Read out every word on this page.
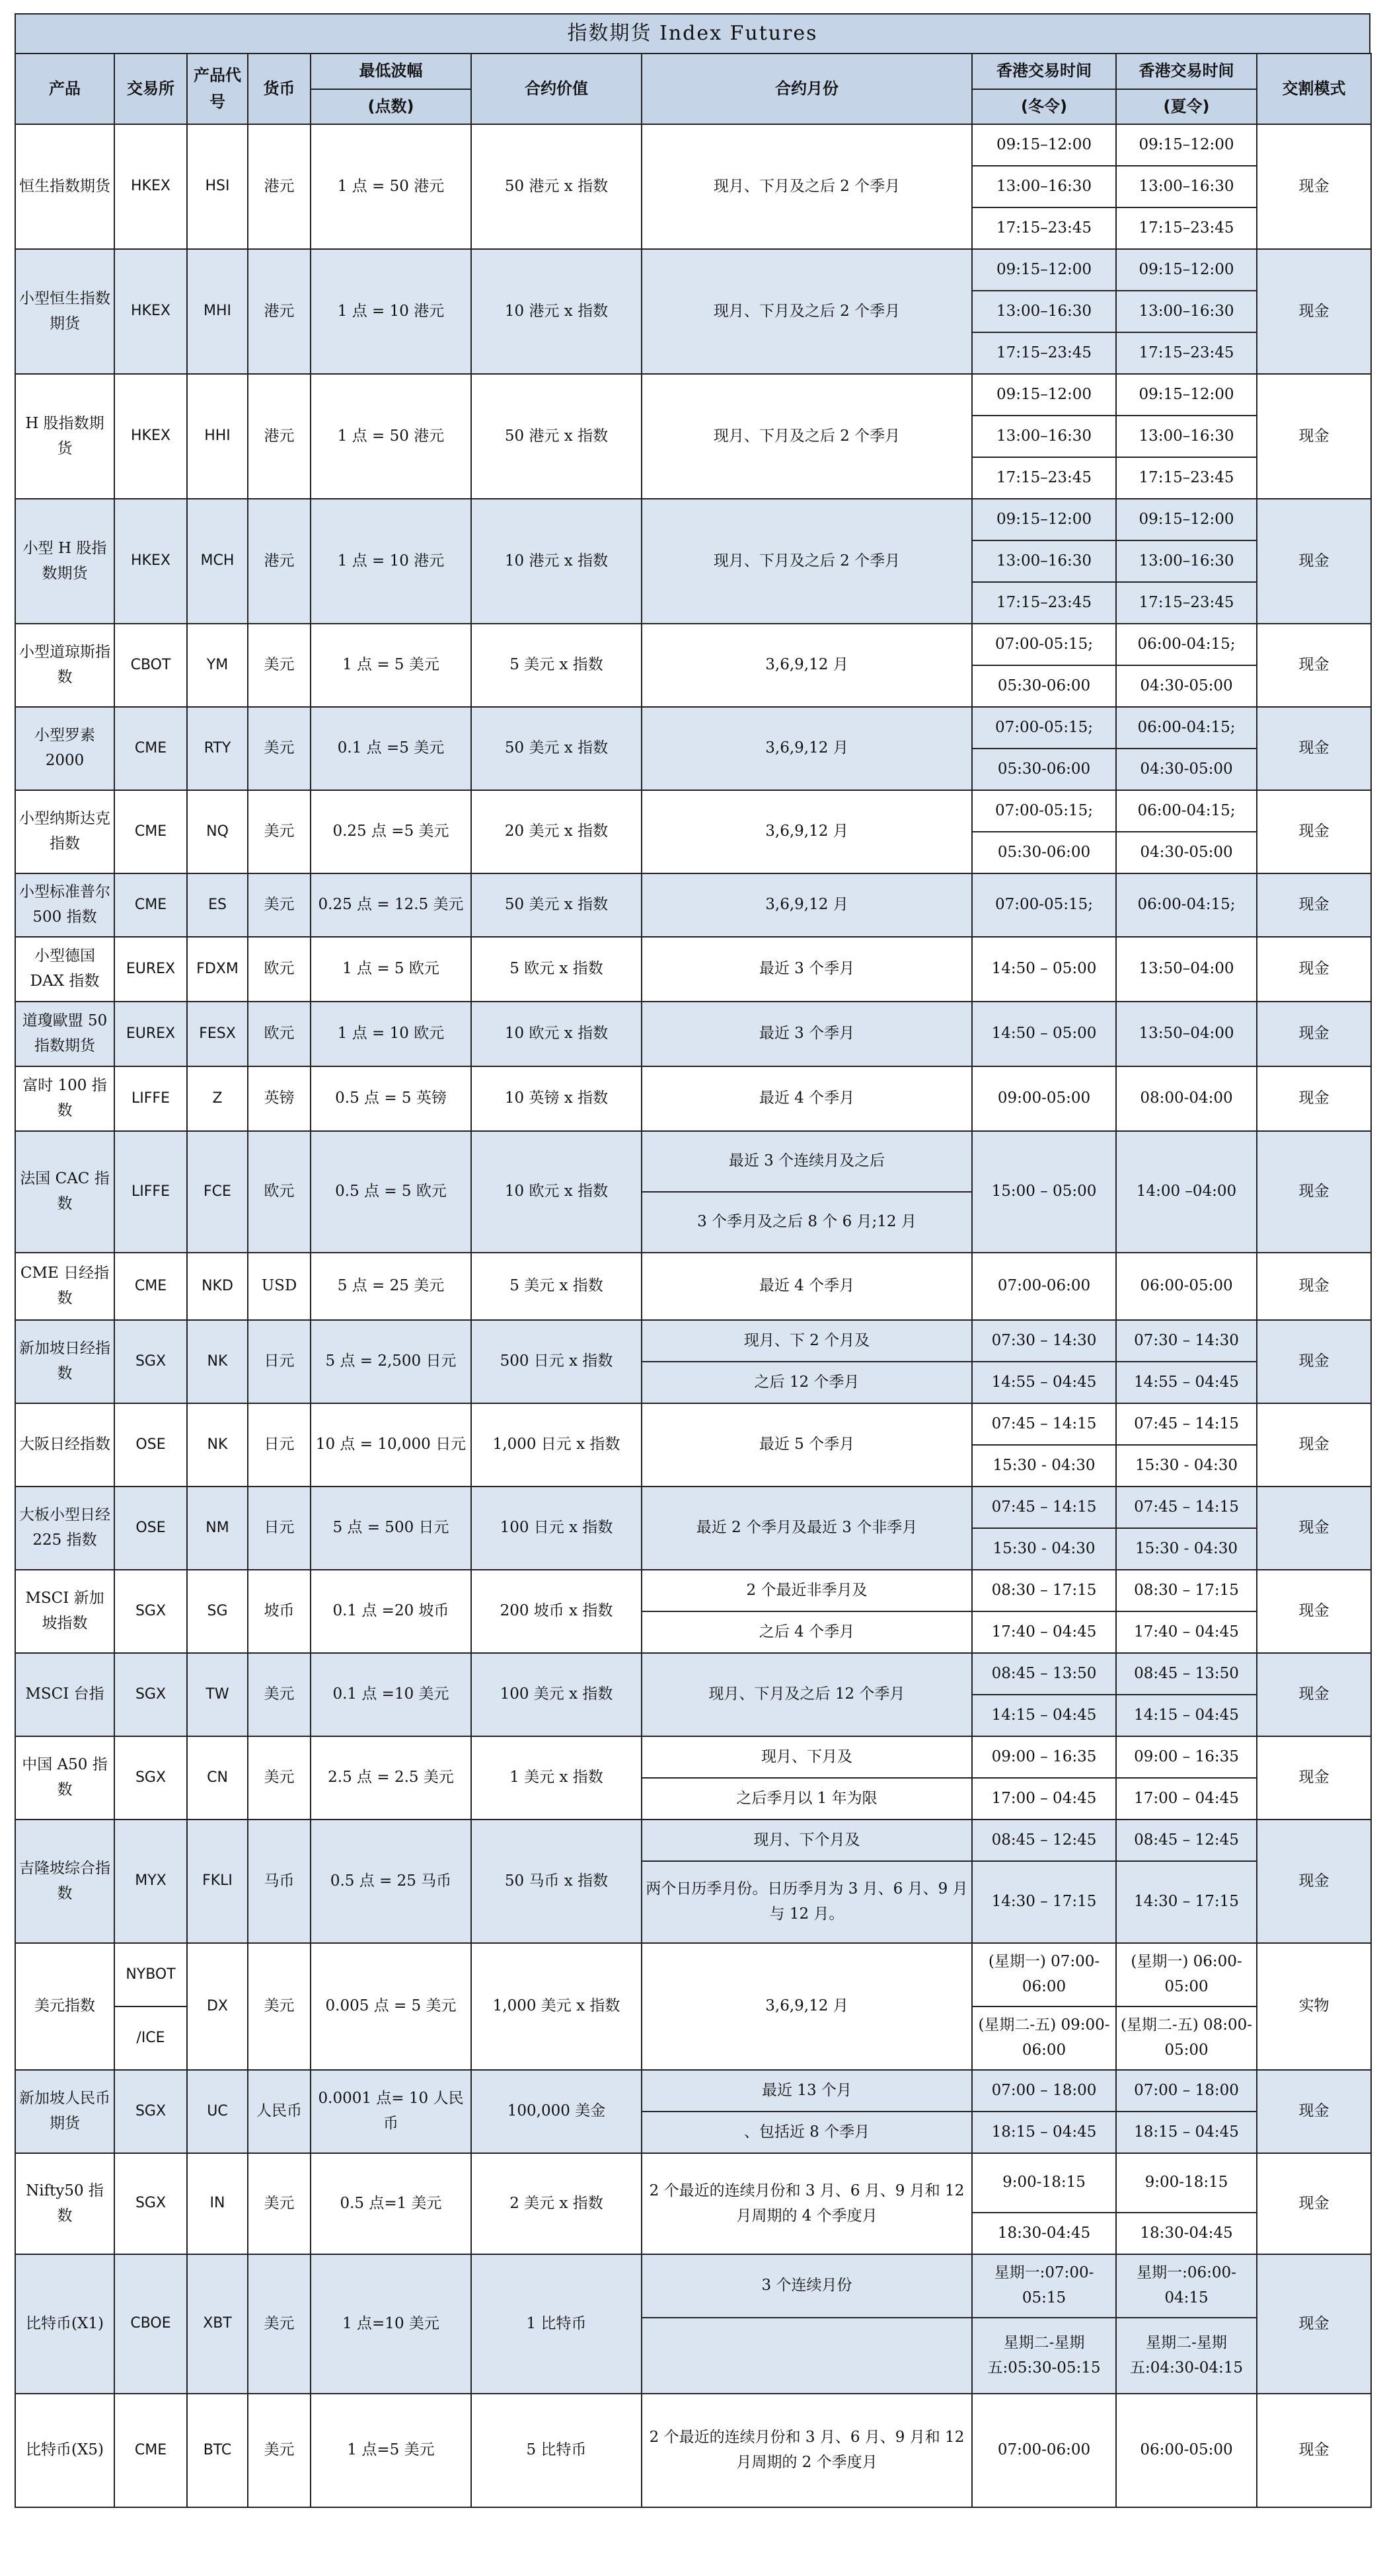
指数期货 Index Futures
产品	交易所	产品代号	货币	最低波幅	合约价值	合约月份	香港交易时间	香港交易时间	交割模式
				(点数)			(冬令)	(夏令)	
恒生指数期货	HKEX	HSI	港元	1 点 = 50 港元	50 港元 x 指数	现月、下月及之后 2 个季月	09:15–12:00	09:15–12:00	现金
							13:00–16:30	13:00–16:30	
							17:15–23:45	17:15–23:45	
小型恒生指数期货	HKEX	MHI	港元	1 点 = 10 港元	10 港元 x 指数	现月、下月及之后 2 个季月	09:15–12:00	09:15–12:00	现金
							13:00–16:30	13:00–16:30	
							17:15–23:45	17:15–23:45	
H 股指数期货	HKEX	HHI	港元	1 点 = 50 港元	50 港元 x 指数	现月、下月及之后 2 个季月	09:15–12:00	09:15–12:00	现金
							13:00–16:30	13:00–16:30	
							17:15–23:45	17:15–23:45	
小型 H 股指数期货	HKEX	MCH	港元	1 点 = 10 港元	10 港元 x 指数	现月、下月及之后 2 个季月	09:15–12:00	09:15–12:00	现金
							13:00–16:30	13:00–16:30	
							17:15–23:45	17:15–23:45	
小型道琼斯指数	CBOT	YM	美元	1 点 = 5 美元	5 美元 x 指数	3,6,9,12 月	07:00-05:15;	06:00-04:15;	现金
							05:30-06:00	04:30-05:00	
小型罗素 2000	CME	RTY	美元	0.1 点 =5 美元	50 美元 x 指数	3,6,9,12 月	07:00-05:15;	06:00-04:15;	现金
							05:30-06:00	04:30-05:00	
小型纳斯达克指数	CME	NQ	美元	0.25 点 =5 美元	20 美元 x 指数	3,6,9,12 月	07:00-05:15;	06:00-04:15;	现金
							05:30-06:00	04:30-05:00	
小型标准普尔 500 指数	CME	ES	美元	0.25 点 = 12.5 美元	50 美元 x 指数	3,6,9,12 月	07:00-05:15;	06:00-04:15;	现金
小型德国 DAX 指数	EUREX	FDXM	欧元	1 点 = 5 欧元	5 欧元 x 指数	最近 3 个季月	14:50 – 05:00	13:50–04:00	现金
道瓊歐盟 50 指数期货	EUREX	FESX	欧元	1 点 = 10 欧元	10 欧元 x 指数	最近 3 个季月	14:50 – 05:00	13:50–04:00	现金
富时 100 指数	LIFFE	Z	英镑	0.5 点 = 5 英镑	10 英镑 x 指数	最近 4 个季月	09:00-05:00	08:00-04:00	现金
法国 CAC 指数	LIFFE	FCE	欧元	0.5 点 = 5 欧元	10 欧元 x 指数	最近 3 个连续月及之后	15:00 – 05:00	14:00 –04:00	现金
						3 个季月及之后 8 个 6 月;12 月			
CME 日经指数	CME	NKD	USD	5 点 = 25 美元	5 美元 x 指数	最近 4 个季月	07:00-06:00	06:00-05:00	现金
新加坡日经指数	SGX	NK	日元	5 点 = 2,500 日元	500 日元 x 指数	现月、下 2 个月及	07:30 – 14:30	07:30 – 14:30	现金
						之后 12 个季月	14:55 – 04:45	14:55 – 04:45	
大阪日经指数	OSE	NK	日元	10 点 = 10,000 日元	1,000 日元 x 指数	最近 5 个季月	07:45 – 14:15	07:45 – 14:15	现金
							15:30 - 04:30	15:30 - 04:30	
大板小型日经 225 指数	OSE	NM	日元	5 点 = 500 日元	100 日元 x 指数	最近 2 个季月及最近 3 个非季月	07:45 – 14:15	07:45 – 14:15	现金
							15:30 - 04:30	15:30 - 04:30	
MSCI 新加坡指数	SGX	SG	坡币	0.1 点 =20 坡币	200 坡币 x 指数	2 个最近非季月及	08:30 – 17:15	08:30 – 17:15	现金
						之后 4 个季月	17:40 – 04:45	17:40 – 04:45	
MSCI 台指	SGX	TW	美元	0.1 点 =10 美元	100 美元 x 指数	现月、下月及之后 12 个季月	08:45 – 13:50	08:45 – 13:50	现金
							14:15 – 04:45	14:15 – 04:45	
中国 A50 指数	SGX	CN	美元	2.5 点 = 2.5 美元	1 美元 x 指数	现月、下月及	09:00 – 16:35	09:00 – 16:35	现金
						之后季月以 1 年为限	17:00 – 04:45	17:00 – 04:45	
吉隆坡综合指数	MYX	FKLI	马币	0.5 点 = 25 马币	50 马币 x 指数	现月、下个月及	08:45 – 12:45	08:45 – 12:45	现金
						两个日历季月份。日历季月为 3 月、6 月、9 月与 12 月。	14:30 – 17:15	14:30 – 17:15	
美元指数	NYBOT	DX	美元	0.005 点 = 5 美元	1,000 美元 x 指数	3,6,9,12 月	(星期一) 07:00-06:00	(星期一) 06:00-05:00	实物
	/ICE						(星期二-五) 09:00-06:00	(星期二-五) 08:00-05:00	
新加坡人民币期货	SGX	UC	人民币	0.0001 点= 10 人民币	100,000 美金	最近 13 个月	07:00 – 18:00	07:00 – 18:00	现金
						、包括近 8 个季月	18:15 – 04:45	18:15 – 04:45	
Nifty50 指数	SGX	IN	美元	0.5 点=1 美元	2 美元 x 指数	2 个最近的连续月份和 3 月、6 月、9 月和 12 月周期的 4 个季度月	9:00-18:15	9:00-18:15	现金
							18:30-04:45	18:30-04:45	
比特币(X1)	CBOE	XBT	美元	1 点=10 美元	1 比特币	3 个连续月份	星期一:07:00-05:15	星期一:06:00-04:15	现金
							星期二-星期五:05:30-05:15	星期二-星期五:04:30-04:15	
比特币(X5)	CME	BTC	美元	1 点=5 美元	5 比特币	2 个最近的连续月份和 3 月、6 月、9 月和 12 月周期的 2 个季度月	07:00-06:00	06:00-05:00	现金
